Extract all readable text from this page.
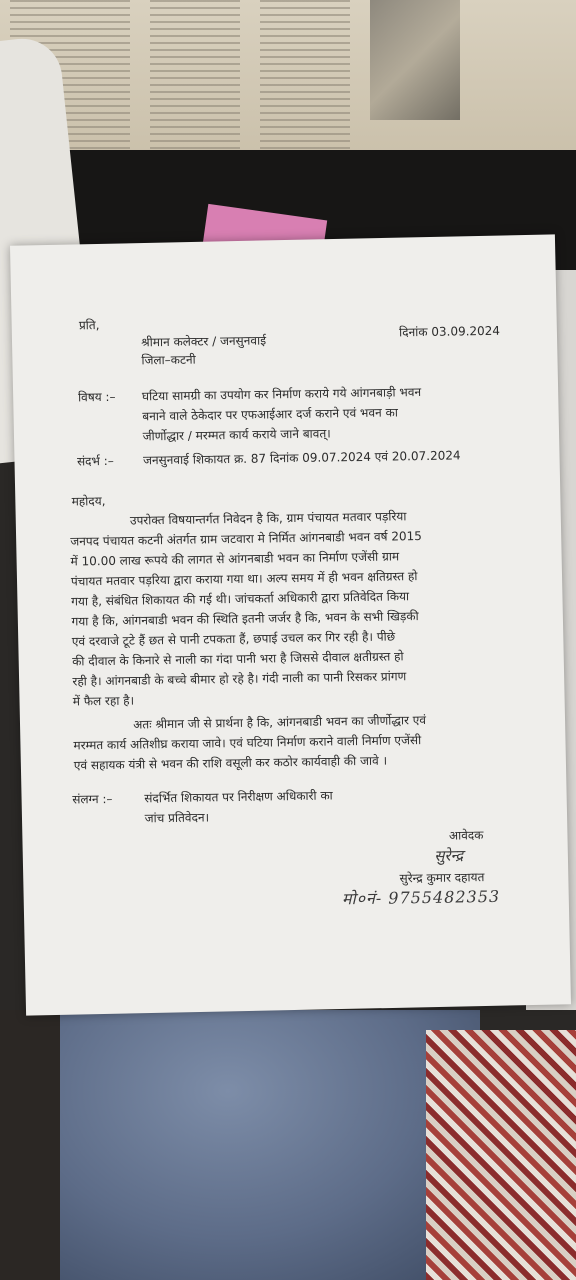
प्रति,
श्रीमान कलेक्टर / जनसुनवाई
जिला–कटनी
दिनांक 03.09.2024
विषय :– घटिया सामग्री का उपयोग कर निर्माण कराये गये आंगनबाड़ी भवन
बनाने वाले ठेकेदार पर एफआईआर दर्ज कराने एवं भवन का
जीर्णोद्धार / मरम्मत कार्य कराये जाने बावत्।
संदर्भ :– जनसुनवाई शिकायत क्र. 87 दिनांक 09.07.2024 एवं 20.07.2024
महोदय,
उपरोक्त विषयान्तर्गत निवेदन है कि, ग्राम पंचायत मतवार पड़रिया
जनपद पंचायत कटनी अंतर्गत ग्राम जटवारा मे निर्मित आंगनबाडी भवन वर्ष 2015
में 10.00 लाख रूपये की लागत से आंगनबाडी भवन का निर्माण एजेंसी ग्राम
पंचायत मतवार पड़रिया द्वारा कराया गया था। अल्प समय में ही भवन क्षतिग्रस्त हो
गया है, संबंधित शिकायत की गई थी। जांचकर्ता अधिकारी द्वारा प्रतिवेदित किया
गया है कि, आंगनबाडी भवन की स्थिति इतनी जर्जर है कि, भवन के सभी खिड़की
एवं दरवाजे टूटे हैं छत से पानी टपकता हैं, छपाई उचल कर गिर रही है। पीछे
की दीवाल के किनारे से नाली का गंदा पानी भरा है जिससे दीवाल क्षतीग्रस्त हो
रही है। आंगनबाडी के बच्चे बीमार हो रहे है। गंदी नाली का पानी रिसकर प्रांगण
में फैल रहा है।
अतः श्रीमान जी से प्रार्थना है कि, आंगनबाडी भवन का जीर्णोद्धार एवं
मरम्मत कार्य अतिशीघ्र कराया जावे। एवं घटिया निर्माण कराने वाली निर्माण एजेंसी
एवं सहायक यंत्री से भवन की राशि वसूली कर कठोर कार्यवाही की जावे ।
संलग्न :–	संदर्भित शिकायत पर निरीक्षण अधिकारी का
जांच प्रतिवेदन।
आवेदक
सुरेन्द्र
सुरेन्द्र कुमार दहायत
मो०नं- 9755482353
